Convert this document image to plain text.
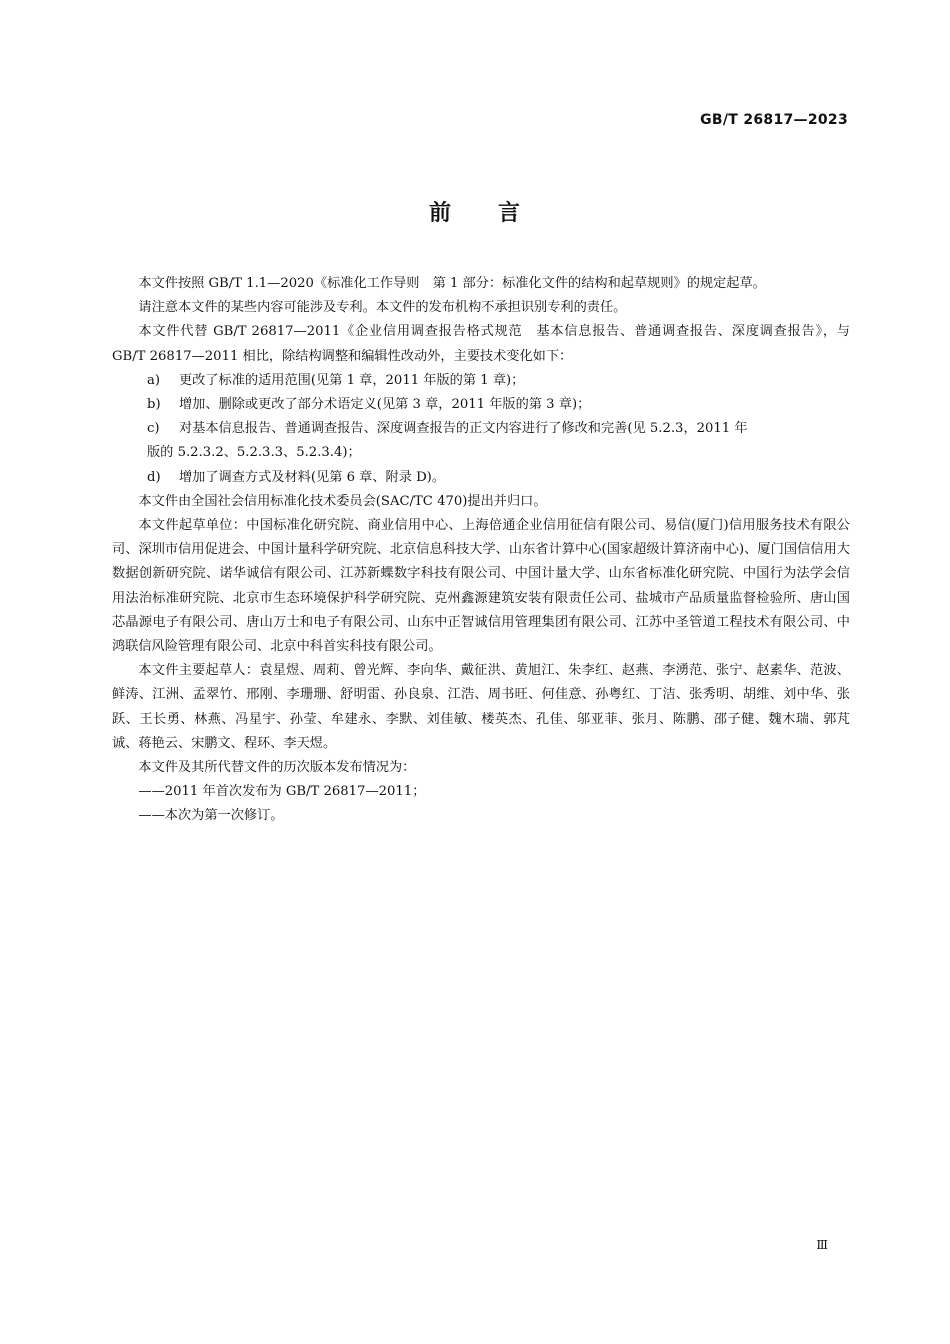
GB/T 26817—2023
前 言

本文件按照 GB/T 1.1—2020《标准化工作导则　第 1 部分：标准化文件的结构和起草规则》的规定起草。

请注意本文件的某些内容可能涉及专利。本文件的发布机构不承担识别专利的责任。

本文件代替 GB/T 26817—2011《企业信用调查报告格式规范　基本信息报告、普通调查报告、深度调查报告》，与 GB/T 26817—2011 相比，除结构调整和编辑性改动外，主要技术变化如下：

a)	更改了标准的适用范围(见第 1 章，2011 年版的第 1 章)；

b)	增加、删除或更改了部分术语定义(见第 3 章，2011 年版的第 3 章)；

c)	对基本信息报告、普通调查报告、深度调查报告的正文内容进行了修改和完善(见 5.2.3，2011 年
版的 5.2.3.2、5.2.3.3、5.2.3.4)；

d)	增加了调查方式及材料(见第 6 章、附录 D)。

本文件由全国社会信用标准化技术委员会(SAC/TC 470)提出并归口。

本文件起草单位：中国标准化研究院、商业信用中心、上海倍通企业信用征信有限公司、易信(厦门)信用服务技术有限公司、深圳市信用促进会、中国计量科学研究院、北京信息科技大学、山东省计算中心(国家超级计算济南中心)、厦门国信信用大数据创新研究院、诺华诚信有限公司、江苏新蝶数字科技有限公司、中国计量大学、山东省标准化研究院、中国行为法学会信用法治标准研究院、北京市生态环境保护科学研究院、克州鑫源建筑安装有限责任公司、盐城市产品质量监督检验所、唐山国芯晶源电子有限公司、唐山万士和电子有限公司、山东中正智诚信用管理集团有限公司、江苏中圣管道工程技术有限公司、中鸿联信风险管理有限公司、北京中科首实科技有限公司。

本文件主要起草人：袁星煜、周莉、曾光辉、李向华、戴征洪、黄旭江、朱李红、赵燕、李湧范、张宁、赵素华、范波、鲜涛、江洲、孟翠竹、邢刚、李珊珊、舒明雷、孙良泉、江浩、周书旺、何佳意、孙粤红、丁洁、张秀明、胡维、刘中华、张跃、王长勇、林燕、冯星宇、孙莹、牟建永、李默、刘佳敏、楼英杰、孔佳、邬亚菲、张月、陈鹏、邵子健、魏木瑞、郭芃诚、蒋艳云、宋鹏文、程环、李天煜。

本文件及其所代替文件的历次版本发布情况为：

——2011 年首次发布为 GB/T 26817—2011；

——本次为第一次修订。

Ⅲ
